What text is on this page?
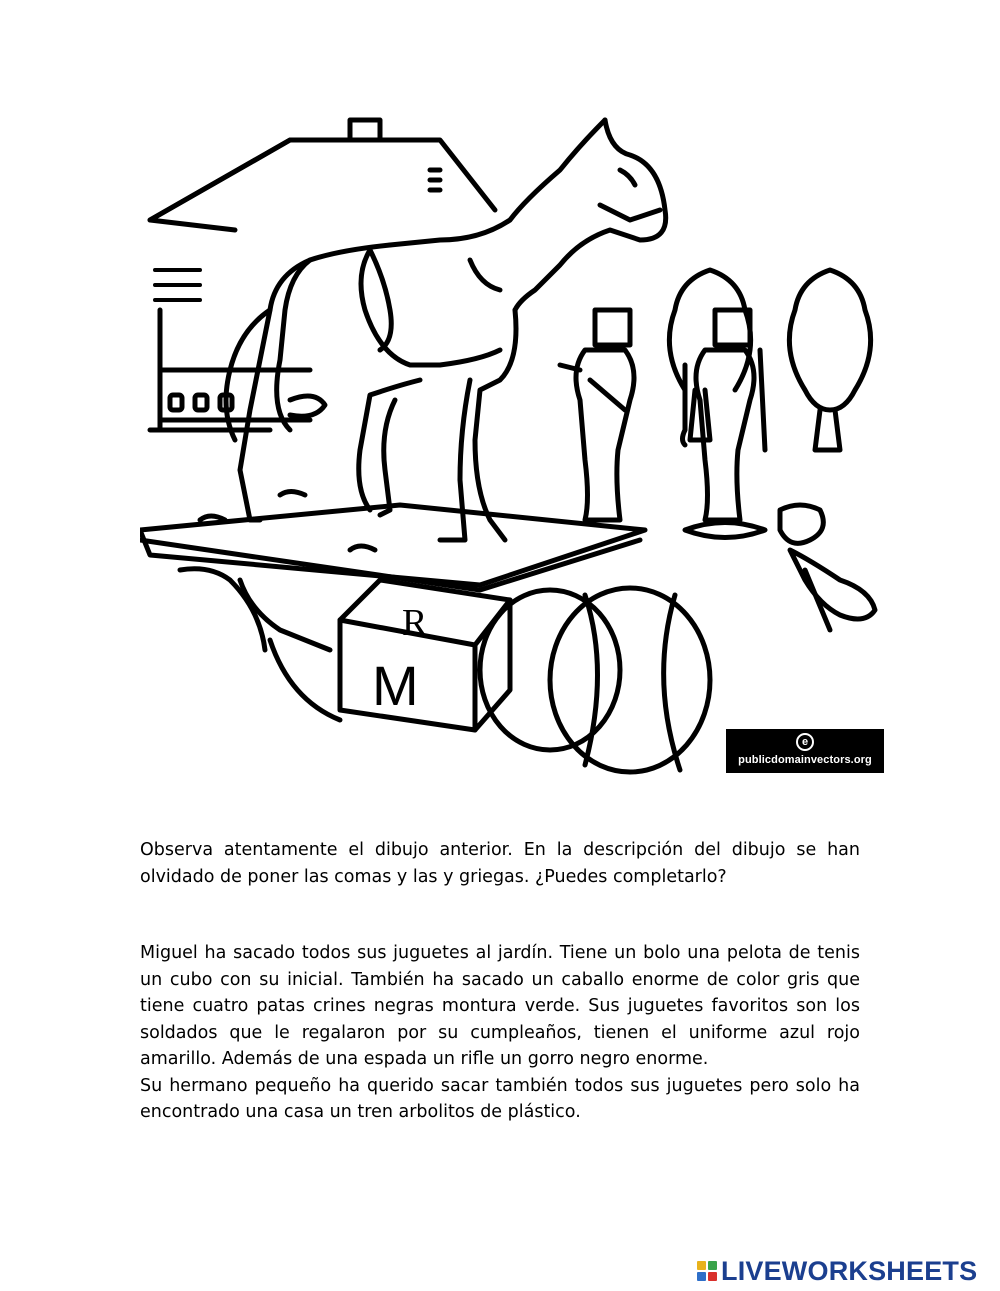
R
M
e
publicdomainvectors.org

Observa atentamente el dibujo anterior. En la descripción del dibujo se han olvidado de poner las comas y las y griegas. ¿Puedes completarlo?

Miguel ha sacado todos sus juguetes al jardín. Tiene un bolo una pelota de tenis un cubo con su inicial. También ha sacado un caballo enorme de color gris que tiene cuatro patas crines negras montura verde. Sus juguetes favoritos son los soldados que le regalaron por su cumpleaños, tienen el uniforme azul rojo amarillo. Además de una espada un rifle un gorro negro enorme.

Su hermano pequeño ha querido sacar también todos sus juguetes pero solo ha encontrado una casa un tren arbolitos de plástico.

LIVEWORKSHEETS
